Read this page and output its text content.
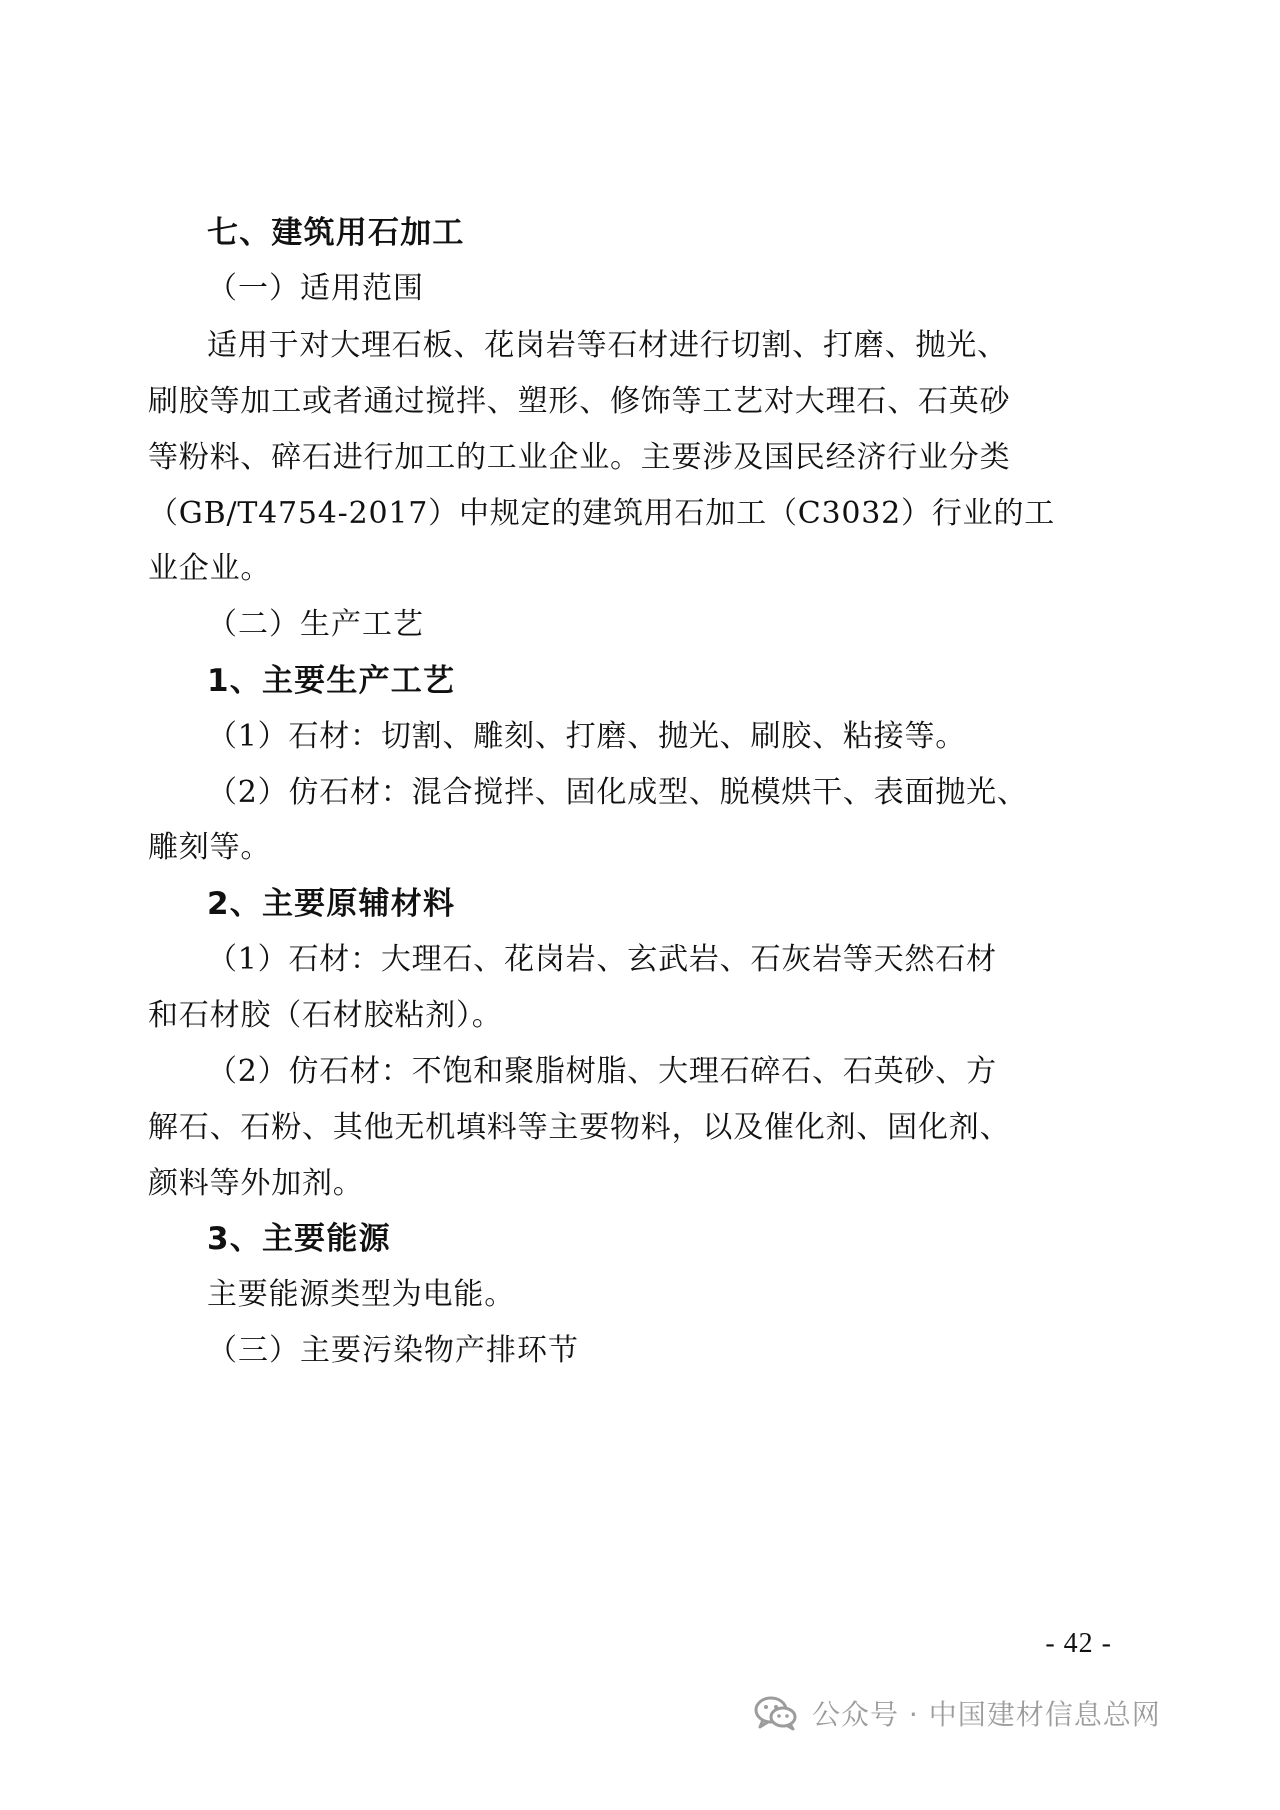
七、建筑用石加工
（一）适用范围
适用于对大理石板、花岗岩等石材进行切割、打磨、抛光、
刷胶等加工或者通过搅拌、塑形、修饰等工艺对大理石、石英砂
等粉料、碎石进行加工的工业企业。主要涉及国民经济行业分类
（GB/T4754-2017）中规定的建筑用石加工（C3032）行业的工
业企业。
（二）生产工艺
1、主要生产工艺
（1）石材：切割、雕刻、打磨、抛光、刷胶、粘接等。
（2）仿石材：混合搅拌、固化成型、脱模烘干、表面抛光、
雕刻等。
2、主要原辅材料
（1）石材：大理石、花岗岩、玄武岩、石灰岩等天然石材
和石材胶（石材胶粘剂）。
（2）仿石材：不饱和聚脂树脂、大理石碎石、石英砂、方
解石、石粉、其他无机填料等主要物料，以及催化剂、固化剂、
颜料等外加剂。
3、主要能源
主要能源类型为电能。
（三）主要污染物产排环节
- 42 -
公众号 · 中国建材信息总网
